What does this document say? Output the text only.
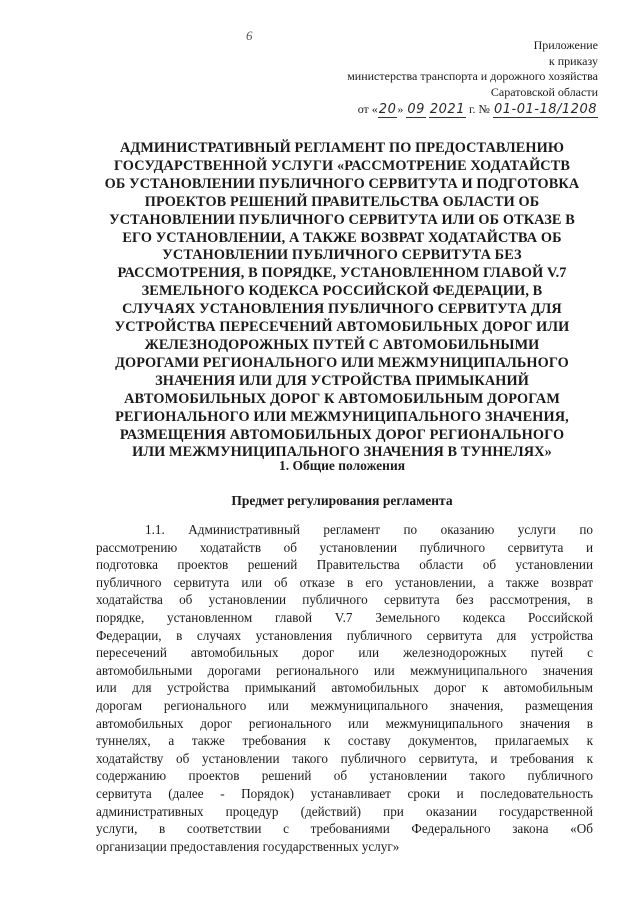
6
Приложение
к приказу
министерства транспорта и дорожного хозяйства
Саратовской области
от «20» 09 2021 г. № 01-01-18/1208
АДМИНИСТРАТИВНЫЙ РЕГЛАМЕНТ ПО ПРЕДОСТАВЛЕНИЮ
ГОСУДАРСТВЕННОЙ УСЛУГИ «РАССМОТРЕНИЕ ХОДАТАЙСТВ
ОБ УСТАНОВЛЕНИИ ПУБЛИЧНОГО СЕРВИТУТА И ПОДГОТОВКА
ПРОЕКТОВ РЕШЕНИЙ ПРАВИТЕЛЬСТВА ОБЛАСТИ ОБ
УСТАНОВЛЕНИИ ПУБЛИЧНОГО СЕРВИТУТА ИЛИ ОБ ОТКАЗЕ В
ЕГО УСТАНОВЛЕНИИ, А ТАКЖЕ ВОЗВРАТ ХОДАТАЙСТВА ОБ
УСТАНОВЛЕНИИ ПУБЛИЧНОГО СЕРВИТУТА БЕЗ
РАССМОТРЕНИЯ, В ПОРЯДКЕ, УСТАНОВЛЕННОМ ГЛАВОЙ V.7
ЗЕМЕЛЬНОГО КОДЕКСА РОССИЙСКОЙ ФЕДЕРАЦИИ, В
СЛУЧАЯХ УСТАНОВЛЕНИЯ ПУБЛИЧНОГО СЕРВИТУТА ДЛЯ
УСТРОЙСТВА ПЕРЕСЕЧЕНИЙ АВТОМОБИЛЬНЫХ ДОРОГ ИЛИ
ЖЕЛЕЗНОДОРОЖНЫХ ПУТЕЙ С АВТОМОБИЛЬНЫМИ
ДОРОГАМИ РЕГИОНАЛЬНОГО ИЛИ МЕЖМУНИЦИПАЛЬНОГО
ЗНАЧЕНИЯ ИЛИ ДЛЯ УСТРОЙСТВА ПРИМЫКАНИЙ
АВТОМОБИЛЬНЫХ ДОРОГ К АВТОМОБИЛЬНЫМ ДОРОГАМ
РЕГИОНАЛЬНОГО ИЛИ МЕЖМУНИЦИПАЛЬНОГО ЗНАЧЕНИЯ,
РАЗМЕЩЕНИЯ АВТОМОБИЛЬНЫХ ДОРОГ РЕГИОНАЛЬНОГО
ИЛИ МЕЖМУНИЦИПАЛЬНОГО ЗНАЧЕНИЯ В ТУННЕЛЯХ»
1. Общие положения
Предмет регулирования регламента
1.1. Административный регламент по оказанию услуги по
рассмотрению ходатайств об установлении публичного сервитута и
подготовка проектов решений Правительства области об установлении
публичного сервитута или об отказе в его установлении, а также возврат
ходатайства об установлении публичного сервитута без рассмотрения, в
порядке, установленном главой V.7 Земельного кодекса Российской
Федерации, в случаях установления публичного сервитута для устройства
пересечений автомобильных дорог или железнодорожных путей с
автомобильными дорогами регионального или межмуниципального значения
или для устройства примыканий автомобильных дорог к автомобильным
дорогам регионального или межмуниципального значения, размещения
автомобильных дорог регионального или межмуниципального значения в
туннелях, а также требования к составу документов, прилагаемых к
ходатайству об установлении такого публичного сервитута, и требования к
содержанию проектов решений об установлении такого публичного
сервитута (далее - Порядок) устанавливает сроки и последовательность
административных процедур (действий) при оказании государственной
услуги, в соответствии с требованиями Федерального закона «Об
организации предоставления государственных услуг»
